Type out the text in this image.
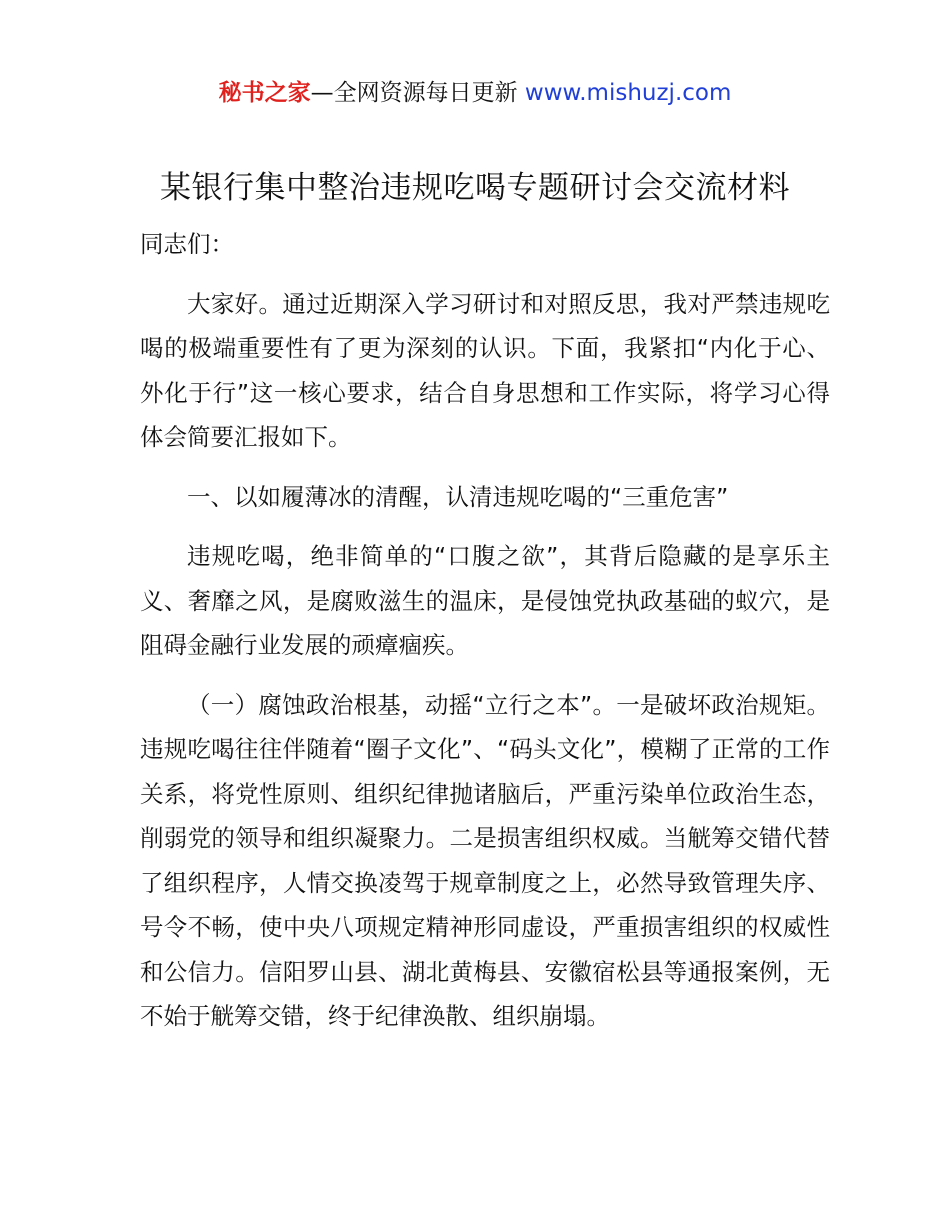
秘书之家—全网资源每日更新 www.mishuzj.com
某银行集中整治违规吃喝专题研讨会交流材料

同志们：

大家好。通过近期深入学习研讨和对照反思，我对严禁违规吃喝的极端重要性有了更为深刻的认识。下面，我紧扣“内化于心、外化于行”这一核心要求，结合自身思想和工作实际，将学习心得体会简要汇报如下。

一、以如履薄冰的清醒，认清违规吃喝的“三重危害”

违规吃喝，绝非简单的“口腹之欲”，其背后隐藏的是享乐主义、奢靡之风，是腐败滋生的温床，是侵蚀党执政基础的蚁穴，是阻碍金融行业发展的顽瘴痼疾。

（一）腐蚀政治根基，动摇“立行之本”。一是破坏政治规矩。违规吃喝往往伴随着“圈子文化”、“码头文化”，模糊了正常的工作关系，将党性原则、组织纪律抛诸脑后，严重污染单位政治生态，削弱党的领导和组织凝聚力。二是损害组织权威。当觥筹交错代替了组织程序，人情交换凌驾于规章制度之上，必然导致管理失序、号令不畅，使中央八项规定精神形同虚设，严重损害组织的权威性和公信力。信阳罗山县、湖北黄梅县、安徽宿松县等通报案例，无不始于觥筹交错，终于纪律涣散、组织崩塌。
